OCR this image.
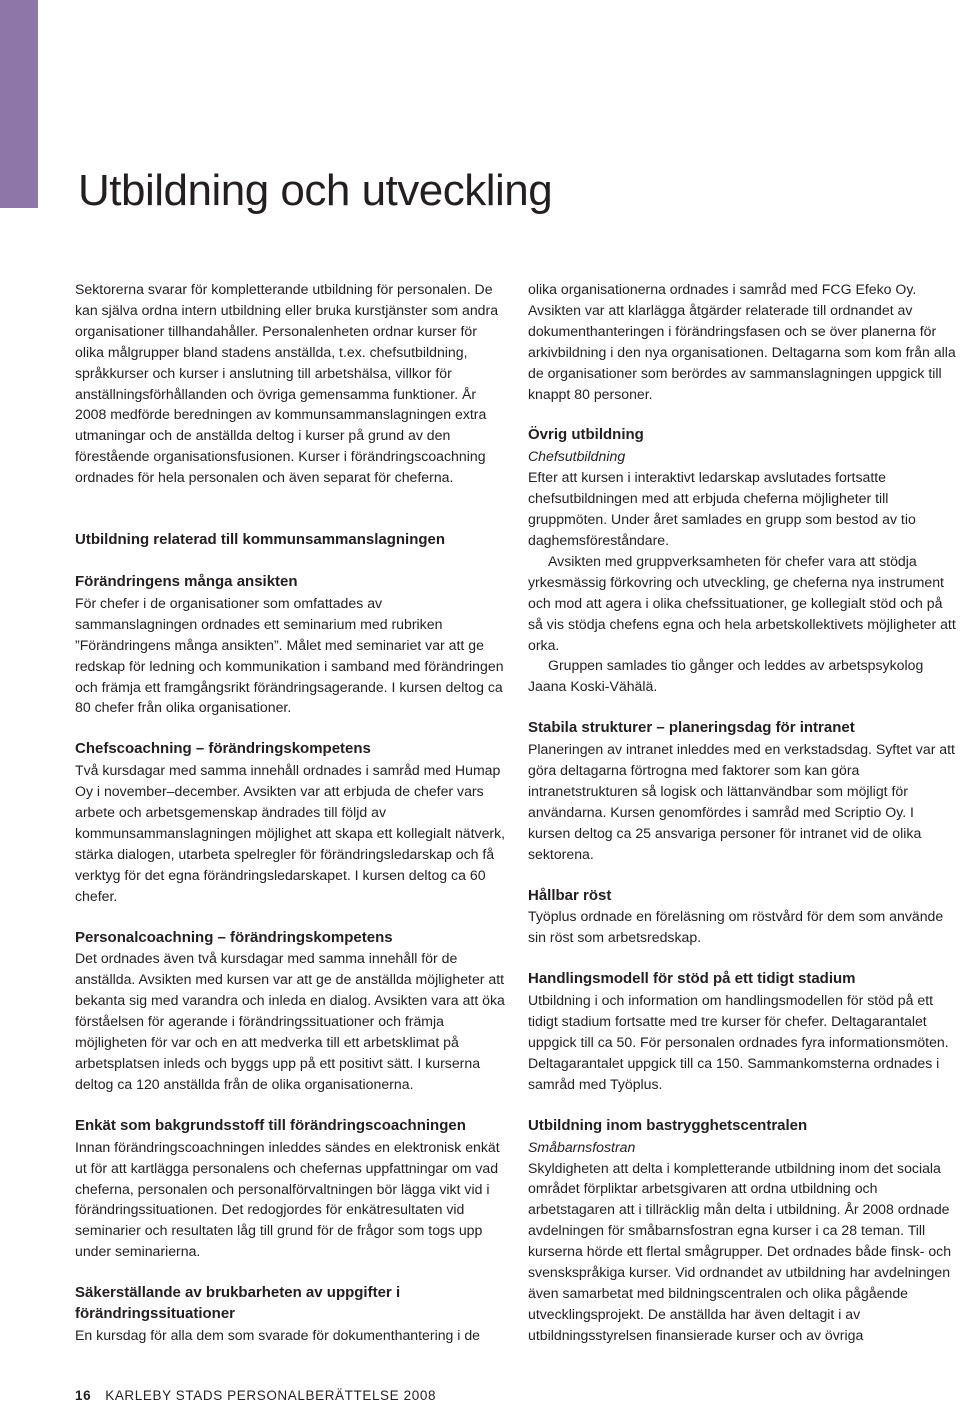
Utbildning och utveckling

Sektorerna svarar för kompletterande utbildning för personalen. De kan själva ordna intern utbildning eller bruka kurstjänster som andra organisationer tillhandahåller. Personalenheten ordnar kurser för olika målgrupper bland stadens anställda, t.ex. chefsutbildning, språkkurser och kurser i anslutning till arbetshälsa, villkor för anställningsförhållanden och övriga gemensamma funktioner. År 2008 medförde beredningen av kommunsammanslagningen extra utmaningar och de anställda deltog i kurser på grund av den förestående organisationsfusionen. Kurser i förändringscoachning ordnades för hela personalen och även separat för cheferna.

Utbildning relaterad till kommunsammanslagningen
Förändringens många ansikten

För chefer i de organisationer som omfattades av sammanslagningen ordnades ett seminarium med rubriken ”Förändringens många ansikten”. Målet med seminariet var att ge redskap för ledning och kommunikation i samband med förändringen och främja ett framgångsrikt förändringsagerande. I kursen deltog ca 80 chefer från olika organisationer.

Chefscoachning – förändringskompetens

Två kursdagar med samma innehåll ordnades i samråd med Humap Oy i november–december. Avsikten var att erbjuda de chefer vars arbete och arbetsgemenskap ändrades till följd av kommunsammanslagningen möjlighet att skapa ett kollegialt nätverk, stärka dialogen, utarbeta spelregler för förändringsledarskap och få verktyg för det egna förändringsledarskapet. I kursen deltog ca 60 chefer.

Personalcoachning – förändringskompetens

Det ordnades även två kursdagar med samma innehåll för de anställda. Avsikten med kursen var att ge de anställda möjligheter att bekanta sig med varandra och inleda en dialog. Avsikten vara att öka förståelsen för agerande i förändringssituationer och främja möjligheten för var och en att medverka till ett arbetsklimat på arbetsplatsen inleds och byggs upp på ett positivt sätt. I kurserna deltog ca 120 anställda från de olika organisationerna.

Enkät som bakgrundsstoff till förändringscoachningen

Innan förändringscoachningen inleddes sändes en elektronisk enkät ut för att kartlägga personalens och chefernas uppfattningar om vad cheferna, personalen och personalförvaltningen bör lägga vikt vid i förändringssituationen. Det redogjordes för enkätresultaten vid seminarier och resultaten låg till grund för de frågor som togs upp under seminarierna.

Säkerställande av brukbarheten av uppgifter i förändringssituationer

En kursdag för alla dem som svarade för dokumenthantering i de

olika organisationerna ordnades i samråd med FCG Efeko Oy. Avsikten var att klarlägga åtgärder relaterade till ordnandet av dokumenthanteringen i förändringsfasen och se över planerna för arkivbildning i den nya organisationen. Deltagarna som kom från alla de organisationer som berördes av sammanslagningen uppgick till knappt 80 personer.

Övrig utbildning

Chefsutbildning

Efter att kursen i interaktivt ledarskap avslutades fortsatte chefsutbildningen med att erbjuda cheferna möjligheter till gruppmöten. Under året samlades en grupp som bestod av tio daghemsföreståndare.

Avsikten med gruppverksamheten för chefer vara att stödja yrkesmässig förkovring och utveckling, ge cheferna nya instrument och mod att agera i olika chefssituationer, ge kollegialt stöd och på så vis stödja chefens egna och hela arbetskollektivets möjligheter att orka.

Gruppen samlades tio gånger och leddes av arbetspsykolog Jaana Koski-Vähälä.

Stabila strukturer – planeringsdag för intranet

Planeringen av intranet inleddes med en verkstadsdag. Syftet var att göra deltagarna förtrogna med faktorer som kan göra intranetstrukturen så logisk och lättanvändbar som möjligt för användarna. Kursen genomfördes i samråd med Scriptio Oy. I kursen deltog ca 25 ansvariga personer för intranet vid de olika sektorena.

Hållbar röst

Työplus ordnade en föreläsning om röstvård för dem som använde sin röst som arbetsredskap.

Handlingsmodell för stöd på ett tidigt stadium

Utbildning i och information om handlingsmodellen för stöd på ett tidigt stadium fortsatte med tre kurser för chefer. Deltagarantalet uppgick till ca 50. För personalen ordnades fyra informationsmöten. Deltagarantalet uppgick till ca 150. Sammankomsterna ordnades i samråd med Työplus.

Utbildning inom bastrygghetscentralen

Småbarnsfostran

Skyldigheten att delta i kompletterande utbildning inom det sociala området förpliktar arbetsgivaren att ordna utbildning och arbetstagaren att i tillräcklig mån delta i utbildning. År 2008 ordnade avdelningen för småbarnsfostran egna kurser i ca 28 teman. Till kurserna hörde ett flertal smågrupper. Det ordnades både finsk- och svenskspråkiga kurser. Vid ordnandet av utbildning har avdelningen även samarbetat med bildningscentralen och olika pågående utvecklingsprojekt. De anställda har även deltagit i av utbildningsstyrelsen finansierade kurser och av övriga

16 KARLEBY STADS PERSONALBERÄTTELSE 2008
